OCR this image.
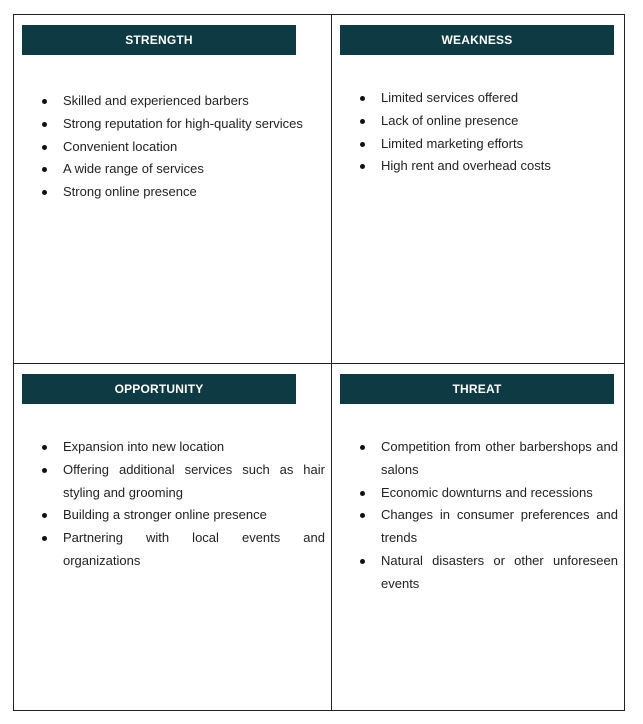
STRENGTH
Skilled and experienced barbers
Strong reputation for high-quality services
Convenient location
A wide range of services
Strong online presence
WEAKNESS
Limited services offered
Lack of online presence
Limited marketing efforts
High rent and overhead costs
OPPORTUNITY
Expansion into new location
Offering additional services such as hair styling and grooming
Building a stronger online presence
Partnering with local events and organizations
THREAT
Competition from other barbershops and salons
Economic downturns and recessions
Changes in consumer preferences and trends
Natural disasters or other unforeseen events
